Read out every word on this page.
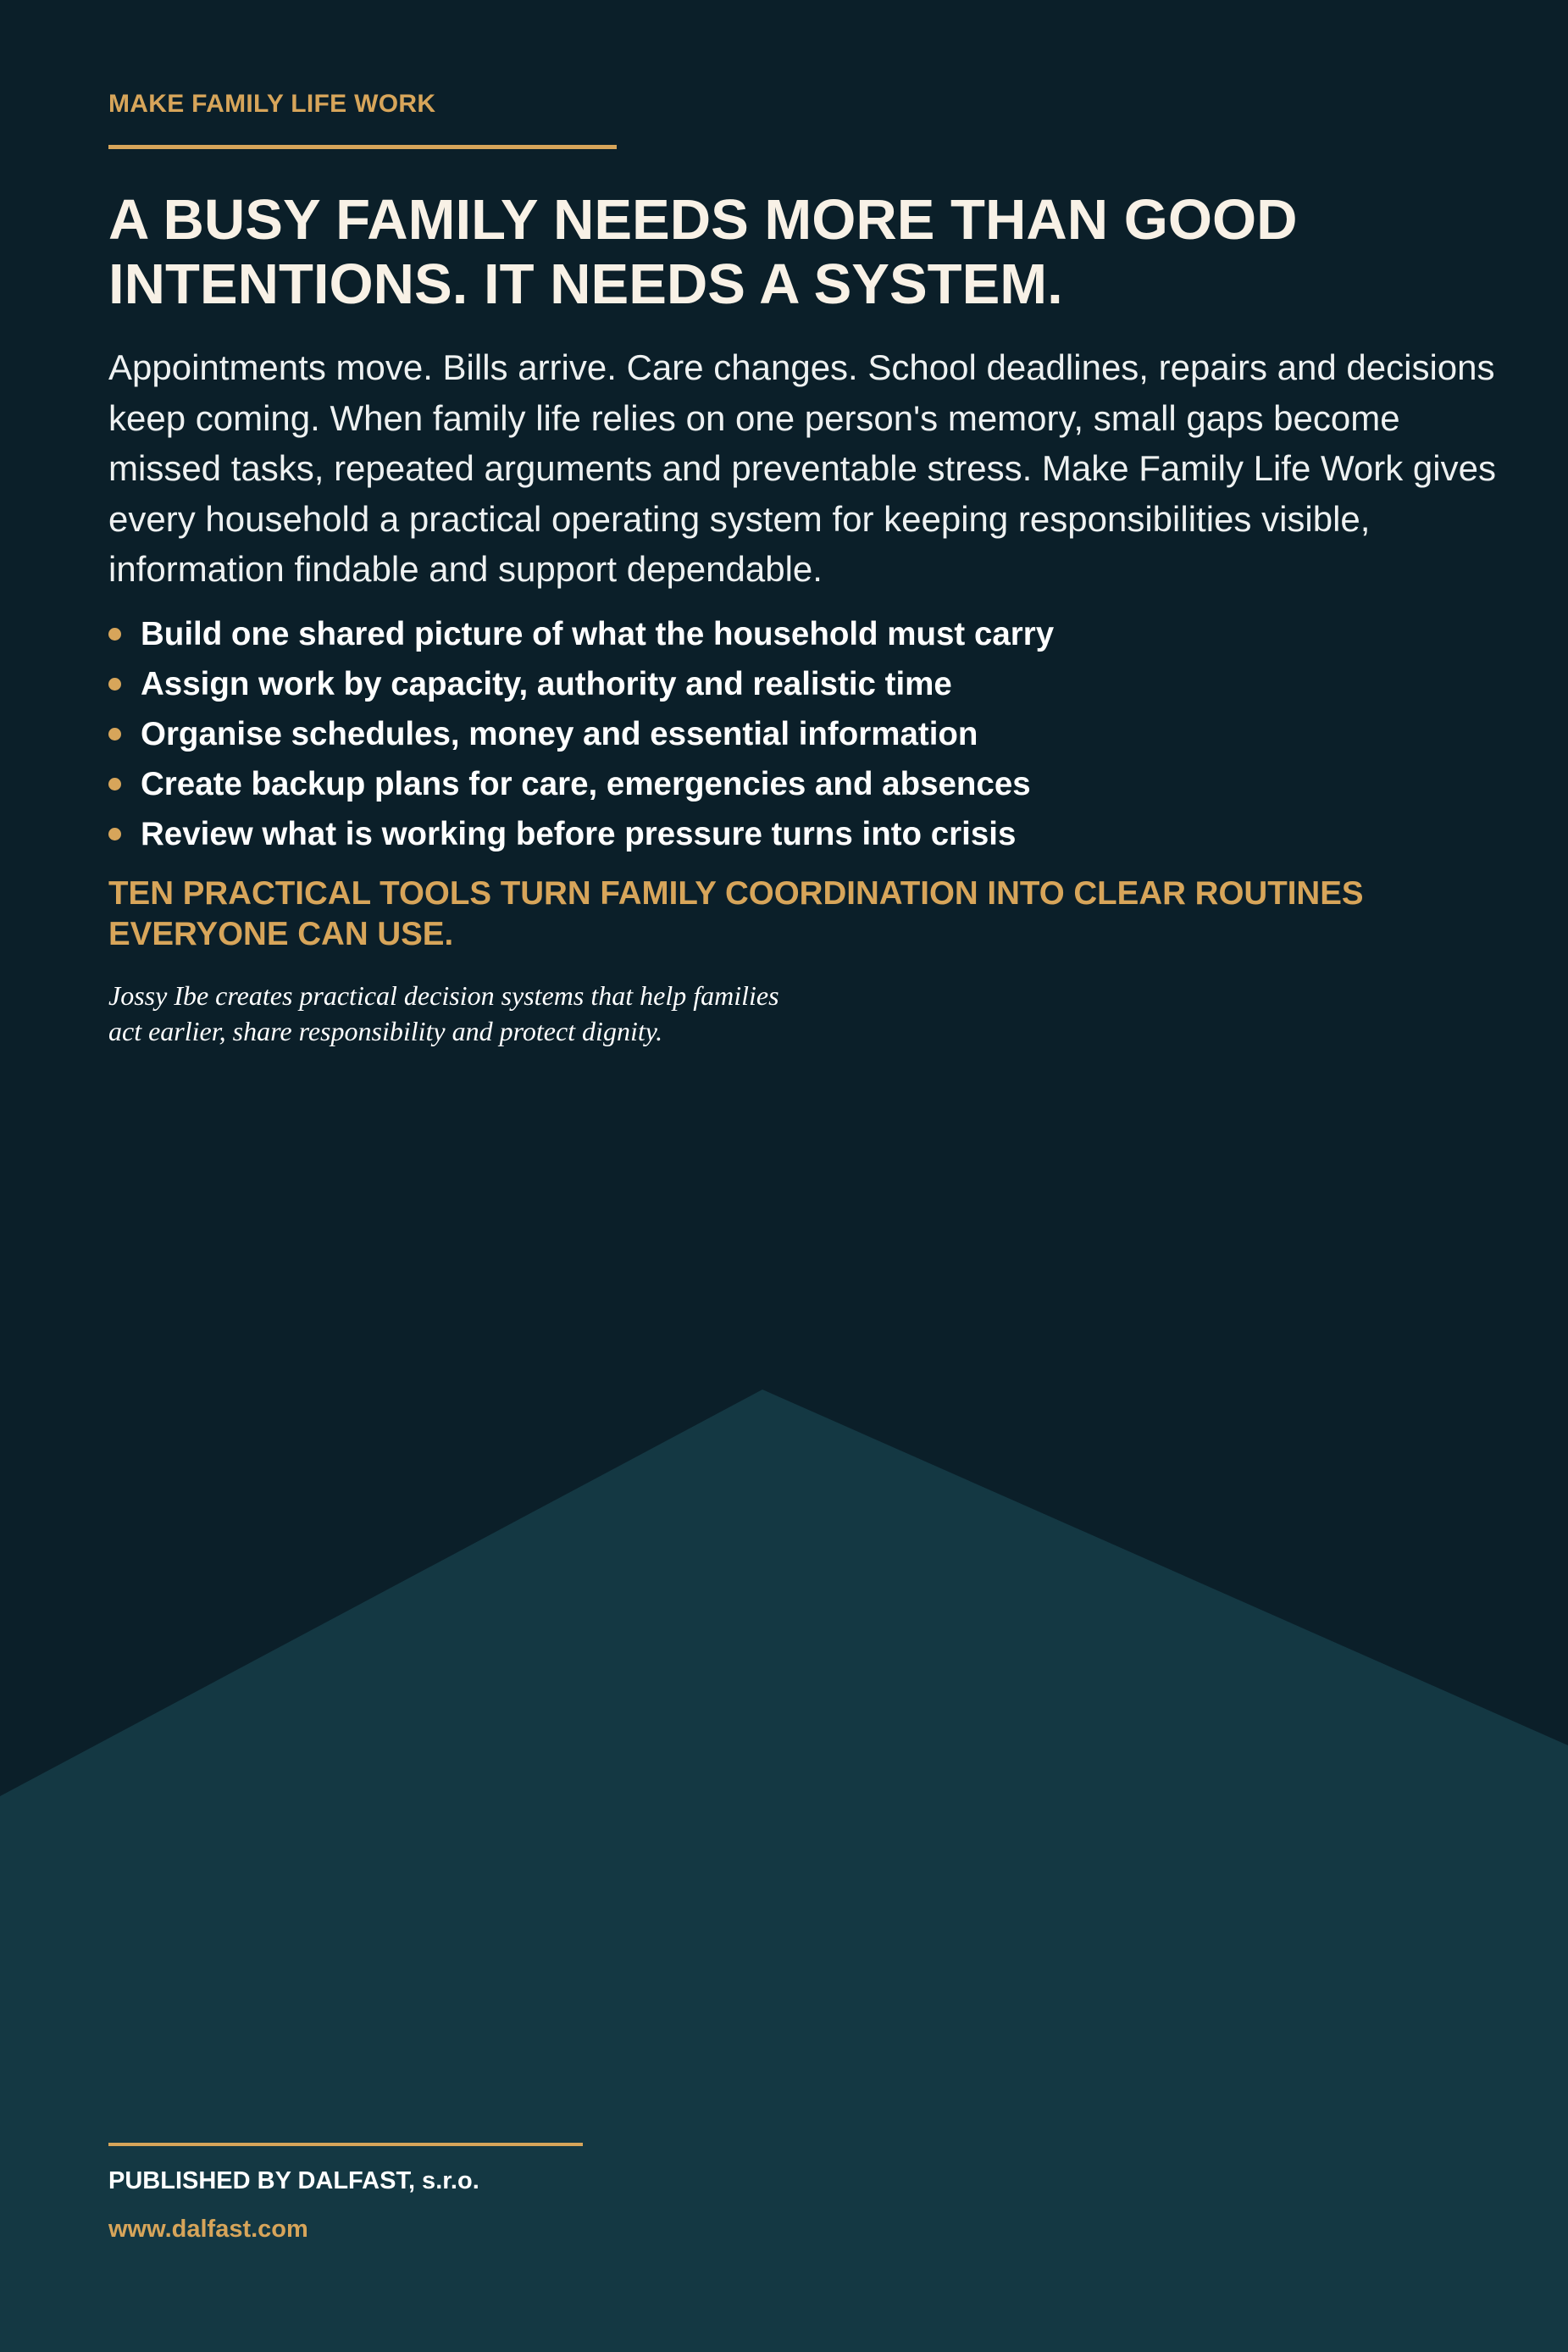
MAKE FAMILY LIFE WORK

A BUSY FAMILY NEEDS MORE THAN GOOD INTENTIONS. IT NEEDS A SYSTEM.

Appointments move. Bills arrive. Care changes. School deadlines, repairs and decisions keep coming. When family life relies on one person's memory, small gaps become missed tasks, repeated arguments and preventable stress. Make Family Life Work gives every household a practical operating system for keeping responsibilities visible, information findable and support dependable.

Build one shared picture of what the household must carry
Assign work by capacity, authority and realistic time
Organise schedules, money and essential information
Create backup plans for care, emergencies and absences
Review what is working before pressure turns into crisis

TEN PRACTICAL TOOLS TURN FAMILY COORDINATION INTO CLEAR ROUTINES EVERYONE CAN USE.

Jossy Ibe creates practical decision systems that help families
act earlier, share responsibility and protect dignity.

PUBLISHED BY DALFAST, s.r.o.

www.dalfast.com
